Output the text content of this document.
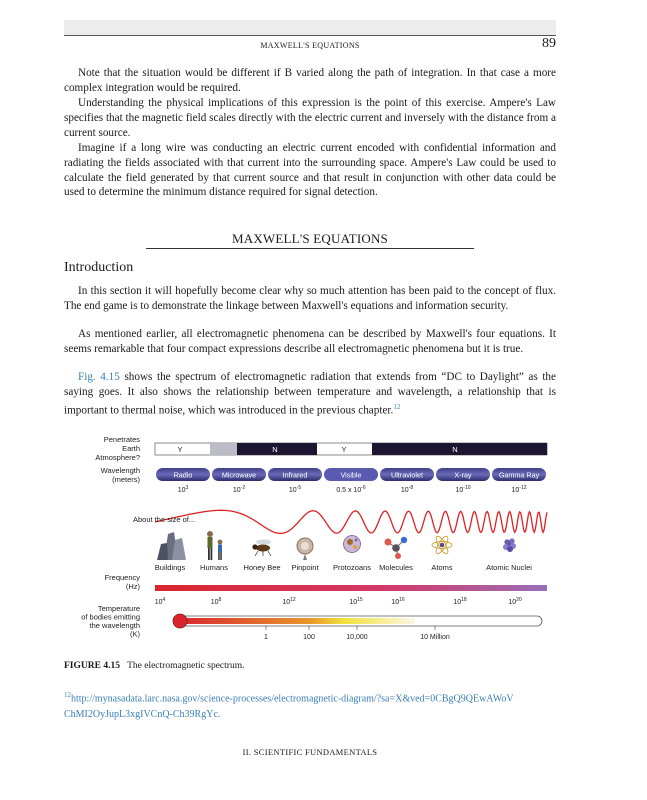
MAXWELL'S EQUATIONS	89

Note that the situation would be different if B varied along the path of integration. In that case a more complex integration would be required.

Understanding the physical implications of this expression is the point of this exercise. Ampere's Law specifies that the magnetic field scales directly with the electric current and inversely with the distance from a current source.

Imagine if a long wire was conducting an electric current encoded with confidential information and radiating the fields associated with that current into the surrounding space. Ampere's Law could be used to calculate the field generated by that current source and that result in conjunction with other data could be used to determine the minimum distance required for signal detection.

MAXWELL'S EQUATIONS
Introduction

In this section it will hopefully become clear why so much attention has been paid to the concept of flux. The end game is to demonstrate the linkage between Maxwell's equations and information security.

As mentioned earlier, all electromagnetic phenomena can be described by Maxwell's four equations. It seems remarkable that four compact expressions describe all electromagnetic phenomena but it is true.

Fig. 4.15 shows the spectrum of electromagnetic radiation that extends from “DC to Daylight” as the saying goes. It also shows the relationship between temperature and wavelength, a relationship that is important to thermal noise, which was introduced in the previous chapter.$^{12}$

Penetrates
Earth
Atmosphere?
Y	N	Y	N
Wavelength
(meters)	Radio	Microwave	Infrared	Visible	Ultraviolet	X-ray	Gamma Ray
$10^3$	$10^{-2}$	$10^{-5}$	0.5 x $10^{-6}$	$10^{-8}$	$10^{-10}$	$10^{-12}$
About the size of...
Buildings Humans Honey Bee Pinpoint Protozoans Molecules Atoms	Atomic Nuclei
Frequency
(Hz)
$10^4$	$10^8$	$10^{12}$	$10^{15}$	$10^{16}$	$10^{18}$	$10^{20}$
Temperature
of bodies emitting
the wavelength
(K)	1	100	10,000	10 Million
FIGURE 4.15 The electromagnetic spectrum.
$^{12}$http://mynasadata.larc.nasa.gov/science-processes/electromagnetic-diagram/?sa=X&ved=0CBgQ9QEwAWoV
ChMI2OyJupL3xgIVCnQ-Ch39RgYc.
II. SCIENTIFIC FUNDAMENTALS
